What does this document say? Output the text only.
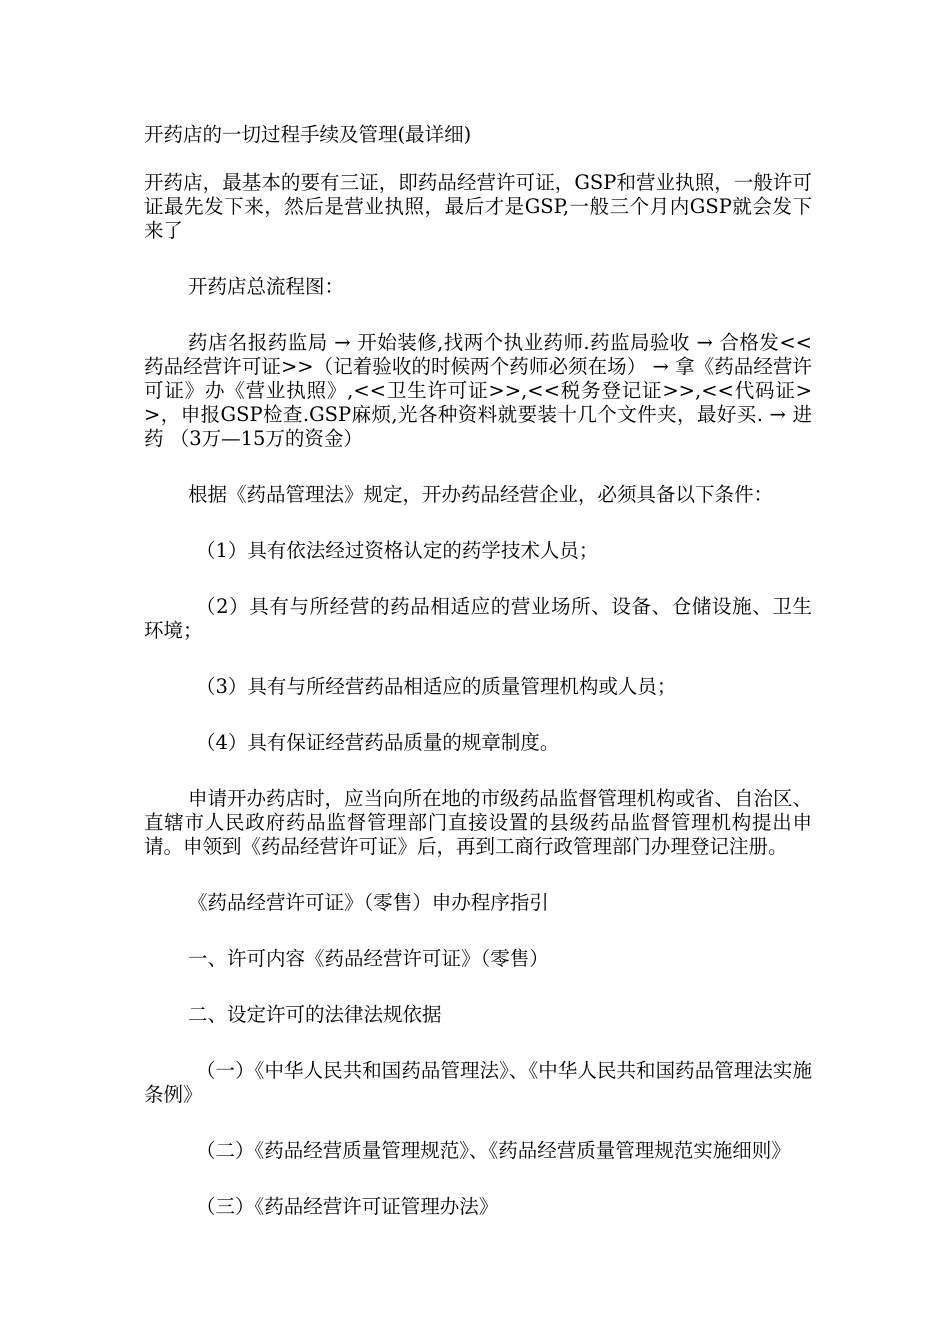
开药店的一切过程手续及管理(最详细)

开药店，最基本的要有三证，即药品经营许可证，GSP和营业执照，一般许可证最先发下来，然后是营业执照，最后才是GSP,一般三个月内GSP就会发下来了

开药店总流程图：

药店名报药监局 → 开始装修,找两个执业药师.药监局验收 → 合格发<<药品经营许可证>>（记着验收的时候两个药师必须在场） → 拿《药品经营许可证》办《营业执照》,<<卫生许可证>>,<<税务登记证>>,<<代码证>>，申报GSP检查.GSP麻烦,光各种资料就要装十几个文件夹，最好买. → 进药 （3万—15万的资金）

根据《药品管理法》规定，开办药品经营企业，必须具备以下条件：

（1）具有依法经过资格认定的药学技术人员；

（2）具有与所经营的药品相适应的营业场所、设备、仓储设施、卫生环境；

（3）具有与所经营药品相适应的质量管理机构或人员；

（4）具有保证经营药品质量的规章制度。

申请开办药店时，应当向所在地的市级药品监督管理机构或省、自治区、直辖市人民政府药品监督管理部门直接设置的县级药品监督管理机构提出申请。申领到《药品经营许可证》后，再到工商行政管理部门办理登记注册。

《药品经营许可证》（零售）申办程序指引

一、许可内容《药品经营许可证》（零售）

二、设定许可的法律法规依据

（一）《中华人民共和国药品管理法》、《中华人民共和国药品管理法实施条例》

（二）《药品经营质量管理规范》、《药品经营质量管理规范实施细则》

（三）《药品经营许可证管理办法》
